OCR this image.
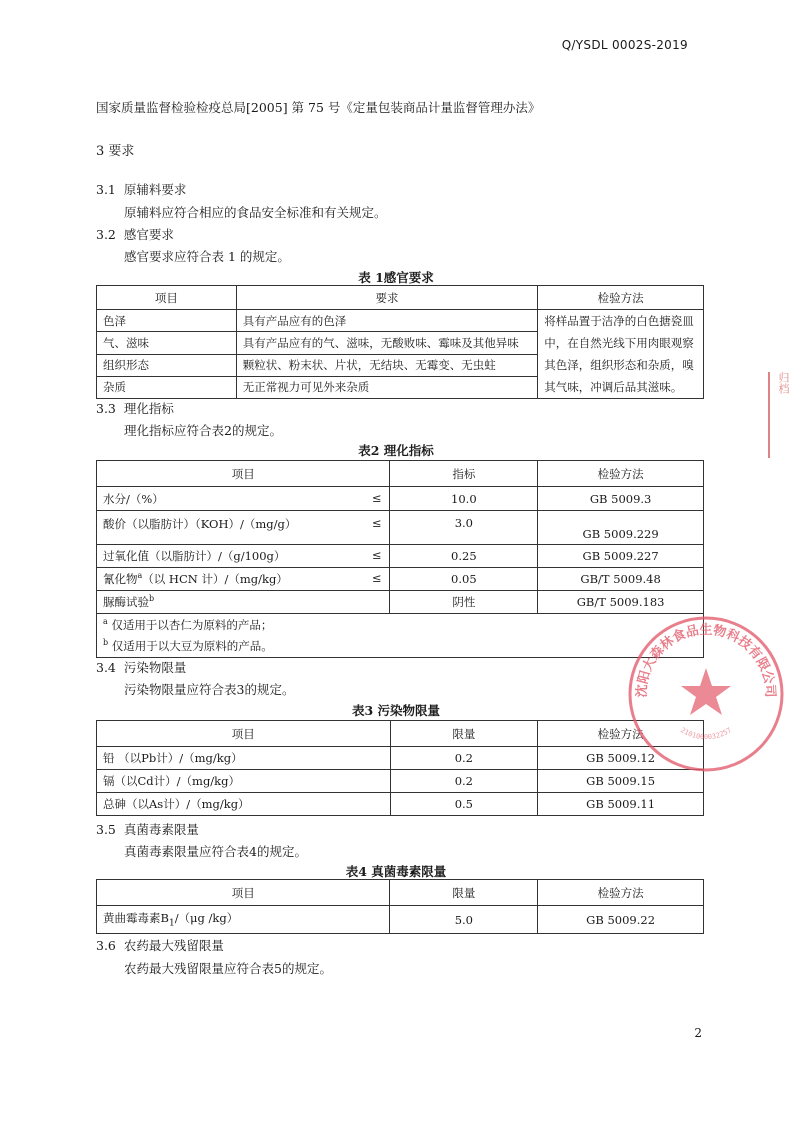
Q/YSDL 0002S-2019
国家质量监督检验检疫总局[2005] 第 75 号《定量包装商品计量监督管理办法》
3 要求
3.1 原辅料要求
原辅料应符合相应的食品安全标准和有关规定。
3.2 感官要求
感官要求应符合表 1 的规定。
表 1感官要求
项目	要求	检验方法
色泽	具有产品应有的色泽	将样品置于洁净的白色搪瓷皿
中，在自然光线下用肉眼观察
其色泽，组织形态和杂质，嗅
其气味，冲调后品其滋味。

气、滋味	具有产品应有的气、滋味，无酸败味、霉味及其他异味	
组织形态	颗粒状、粉末状、片状，无结块、无霉变、无虫蛀	
杂质	无正常视力可见外来杂质	
3.3 理化指标
理化指标应符合表2的规定。
表2 理化指标
项目	指标	检验方法
水分/（%） ≤	10.0	GB 5009.3
酸价（以脂肪计）（KOH）/（mg/g） ≤	3.0	GB 5009.229
过氧化值（以脂肪计）/（g/100g） ≤	0.25	GB 5009.227
氰化物$^a$（以 HCN 计）/（mg/kg） ≤	0.05	GB/T 5009.48
脲酶试验$^b$	阴性	GB/T 5009.183
$^a$ 仅适用于以杏仁为原料的产品；		
$^b$ 仅适用于以大豆为原料的产品。		
3.4 污染物限量
污染物限量应符合表3的规定。
表3 污染物限量
项目	限量	检验方法
铅 （以Pb计）/（mg/kg）	0.2	GB 5009.12
镉（以Cd计）/（mg/kg）	0.2	GB 5009.15
总砷（以As计）/（mg/kg）	0.5	GB 5009.11
3.5 真菌毒素限量
真菌毒素限量应符合表4的规定。
表4 真菌毒素限量
项目	限量	检验方法
黄曲霉毒素$B_1/(\mu g$ /kg）	5.0	GB 5009.22
3.6 农药最大残留限量
农药最大残留限量应符合表5的规定。
2
归档
沈阳大森林食品生物科技有限公司
2101060032257
